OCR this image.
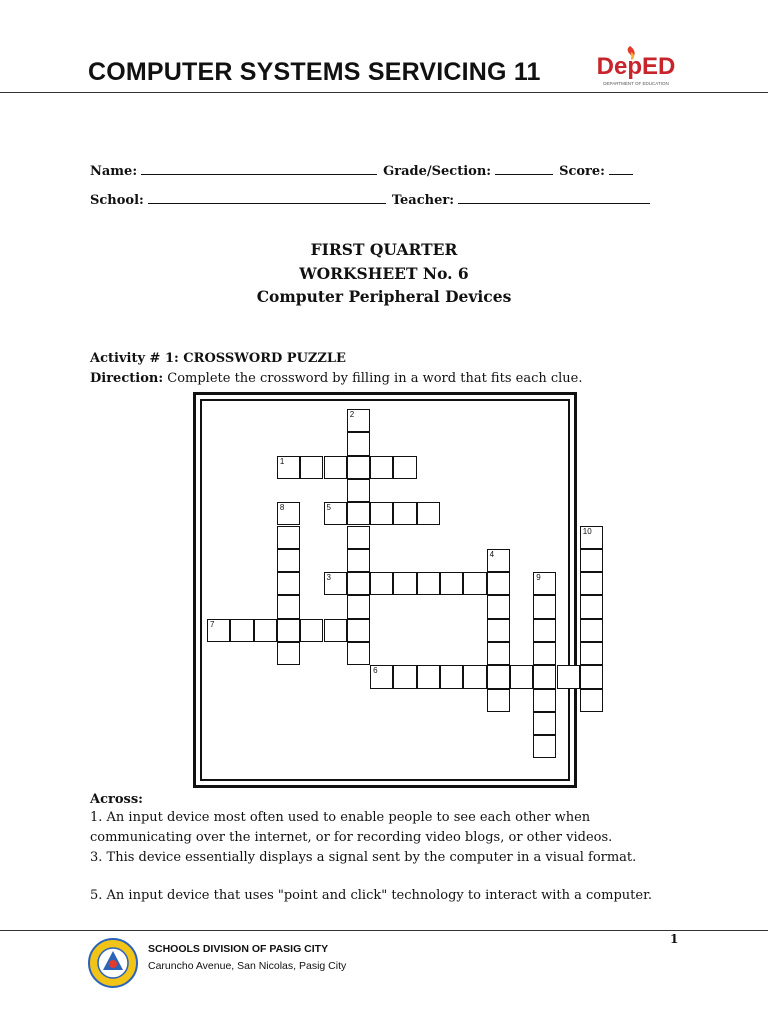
COMPUTER SYSTEMS SERVICING 11 DepED
DEPARTMENT OF EDUCATION
Name:	Grade/Section:	Score:
School:	Teacher:
FIRST QUARTER
WORKSHEET No. 6
Computer Peripheral Devices
Activity # 1: CROSSWORD PUZZLE
Direction: Complete the crossword by filling in a word that fits each clue.
1
2
5
8
3
7
6
4
9
10
Across:
1. An input device most often used to enable people to see each other when communicating over the internet, or for recording video blogs, or other videos.
3. This device essentially displays a signal sent by the computer in a visual format.
5. An input device that uses "point and click" technology to interact with a computer.
1
SCHOOLS DIVISION OF PASIG CITY
Caruncho Avenue, San Nicolas, Pasig City
